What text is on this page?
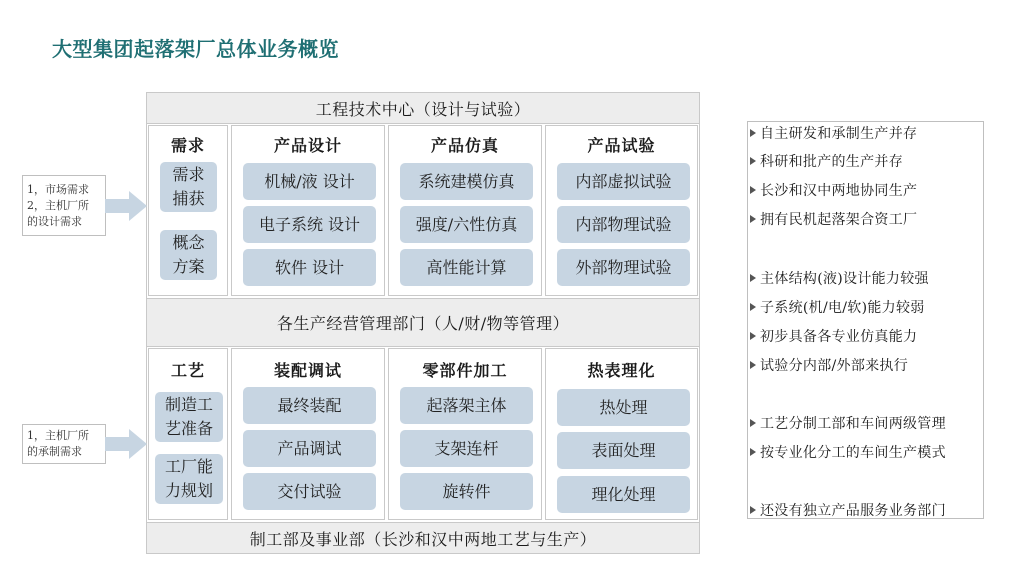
大型集团起落架厂总体业务概览
工程技术中心（设计与试验）
需求	产品设计	产品仿真	产品试验
需求
捕获
概念
方案
机械/液 设计
电子系统 设计
软件 设计
系统建模仿真
强度/六性仿真
高性能计算
内部虚拟试验
内部物理试验
外部物理试验
各生产经营管理部门（人/财/物等管理）
工艺	装配调试	零部件加工	热表理化
制造工
艺准备
工厂能
力规划
最终装配
产品调试
交付试验
起落架主体
支架连杆
旋转件
热处理
表面处理
理化处理
制工部及事业部（长沙和汉中两地工艺与生产）
1，市场需求
2，主机厂所
的设计需求
1，主机厂所
的承制需求
自主研发和承制生产并存
科研和批产的生产并存
长沙和汉中两地协同生产
拥有民机起落架合资工厂
主体结构(液)设计能力较强
子系统(机/电/软)能力较弱
初步具备各专业仿真能力
试验分内部/外部来执行
工艺分制工部和车间两级管理
按专业化分工的车间生产模式
还没有独立产品服务业务部门
